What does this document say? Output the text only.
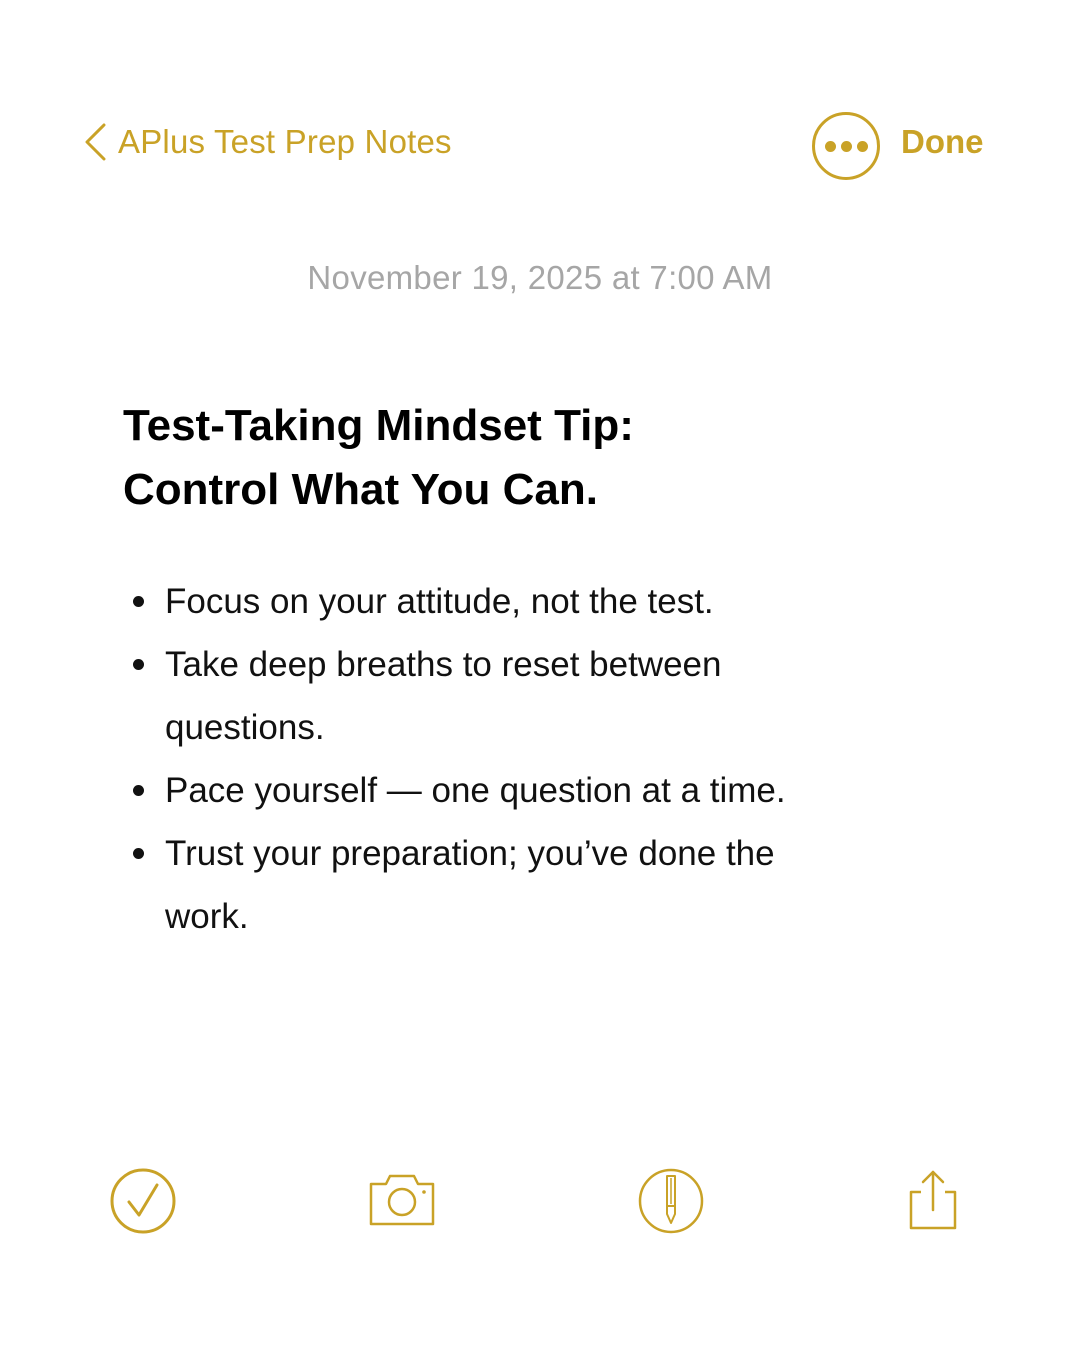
APlus Test Prep Notes	Done
November 19, 2025 at 7:00 AM
Test-Taking Mindset Tip:
Control What You Can.
Focus on your attitude, not the test.
Take deep breaths to reset between questions.
Pace yourself — one question at a time.
Trust your preparation; you’ve done the work.
